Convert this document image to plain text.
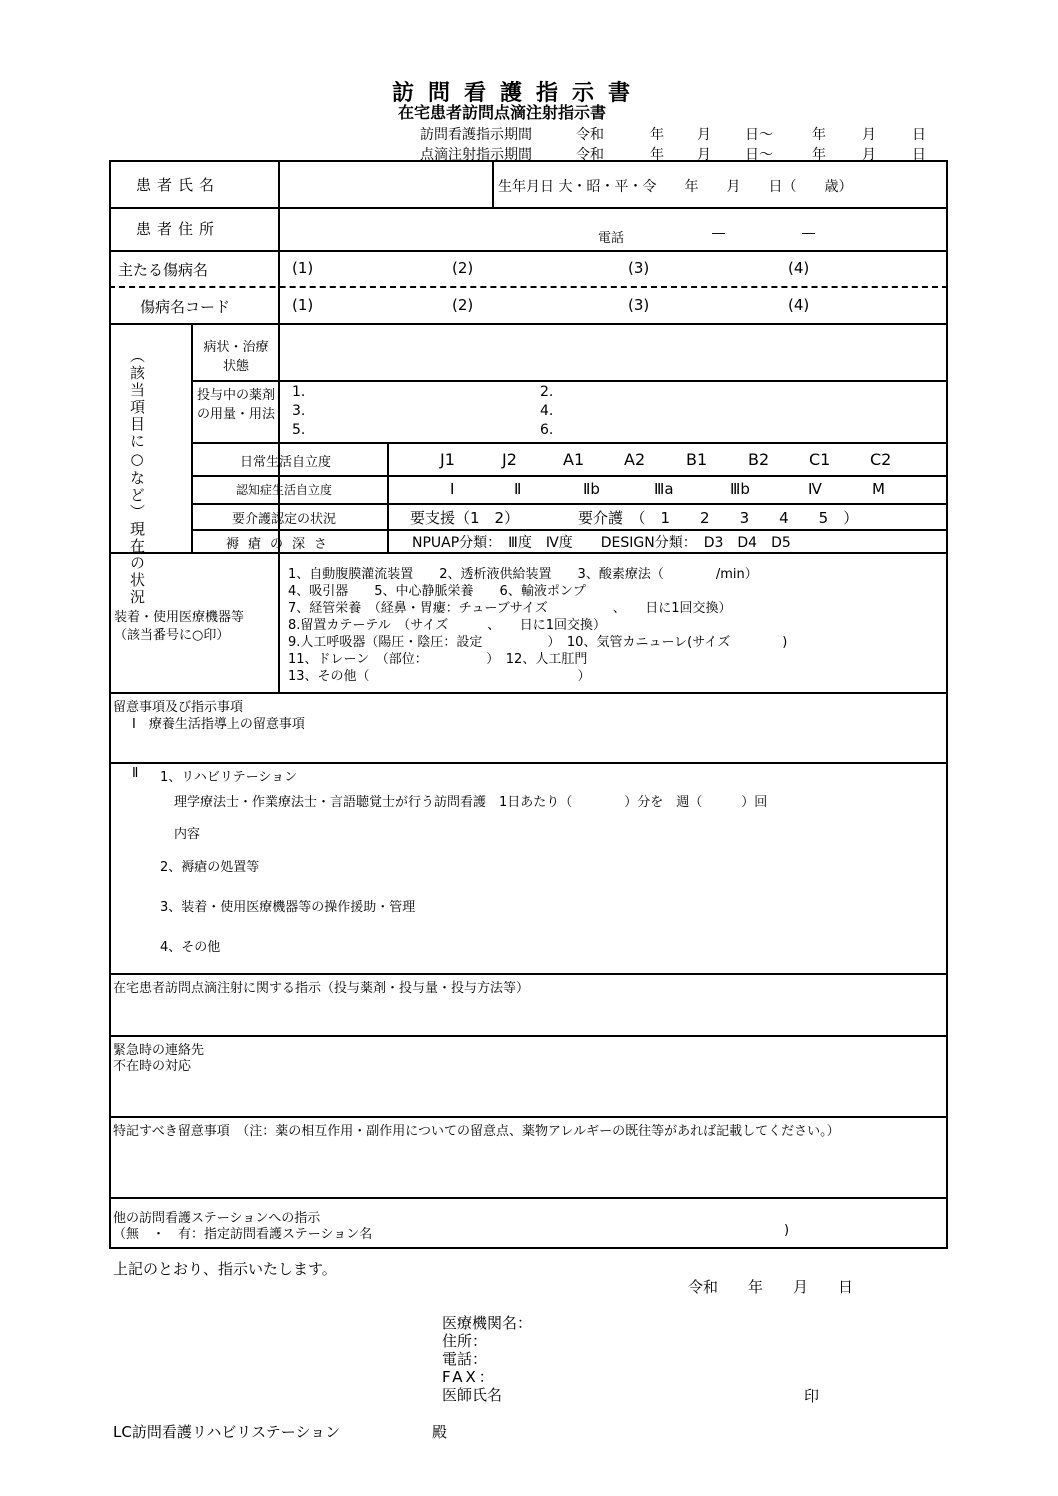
訪問看護指示書
在宅患者訪問点滴注射指示書
訪問看護指示期間	令和	年 月 日～	年	月	日
点滴注射指示期間	令和	年 月 日～	年	月	日
患者氏名	生年月日 大・昭・平・令　　年　　月　　日（　　歳）
患者住所
電話	―	―
主たる傷病名	(1)	(2)	(3)	(4)
傷病名コード	(1)	(2)	(3)	(4)
（該当項目に○など）現在の状況
病状・治療状態
投与中の薬剤の用量・用法
1.	2.
3.	4.
5.	6.
日常生活自立度	J1	J2	A1 A2	B1	B2 C1 C2
認知症生活自立度	Ⅰ	Ⅱ	Ⅱb	Ⅲa	Ⅲb	Ⅳ	M
要介護認定の状況	要支援（1　2）	要介護　（　1　　2　　3　　4　　5　）
褥瘡の深さ	NPUAP分類：　Ⅲ度　Ⅳ度　　DESIGN分類：　D3　D4　D5
装着・使用医療機器等
（該当番号に○印）
1、自動腹膜灌流装置　　2、透析液供給装置　　3、酸素療法（　　　　/min）
4、吸引器　　5、中心静脈栄養　　6、輸液ポンプ
7、経管栄養　（経鼻・胃瘻：チューブサイズ　　　　　、　　日に1回交換）
8.留置カテーテル　（サイズ　　　、　　日に1回交換）
9.人工呼吸器（陽圧・陰圧：設定　　　　　）　10、気管カニューレ(サイズ　　　　)
11、ドレーン　（部位：　　　　　）　12、人工肛門
13、その他（　　　　　　　　　　　　　　　　）
留意事項及び指示事項
Ⅰ　療養生活指導上の留意事項
Ⅱ 1、リハビリテーション
理学療法士・作業療法士・言語聴覚士が行う訪問看護　1日あたり（　　　　）分を　週（　　　）回
内容
2、褥瘡の処置等
3、装着・使用医療機器等の操作援助・管理
4、その他
在宅患者訪問点滴注射に関する指示（投与薬剤・投与量・投与方法等）
緊急時の連絡先
不在時の対応
特記すべき留意事項　（注：薬の相互作用・副作用についての留意点、薬物アレルギーの既往等があれば記載してください。）
他の訪問看護ステーションへの指示
（無　・　有：指定訪問看護ステーション名	)
上記のとおり、指示いたします。
令和　　年　　月　　日
医療機関名：
住所：
電話：
FAX：
医師氏名	印
LC訪問看護リハビリステーション	殿
